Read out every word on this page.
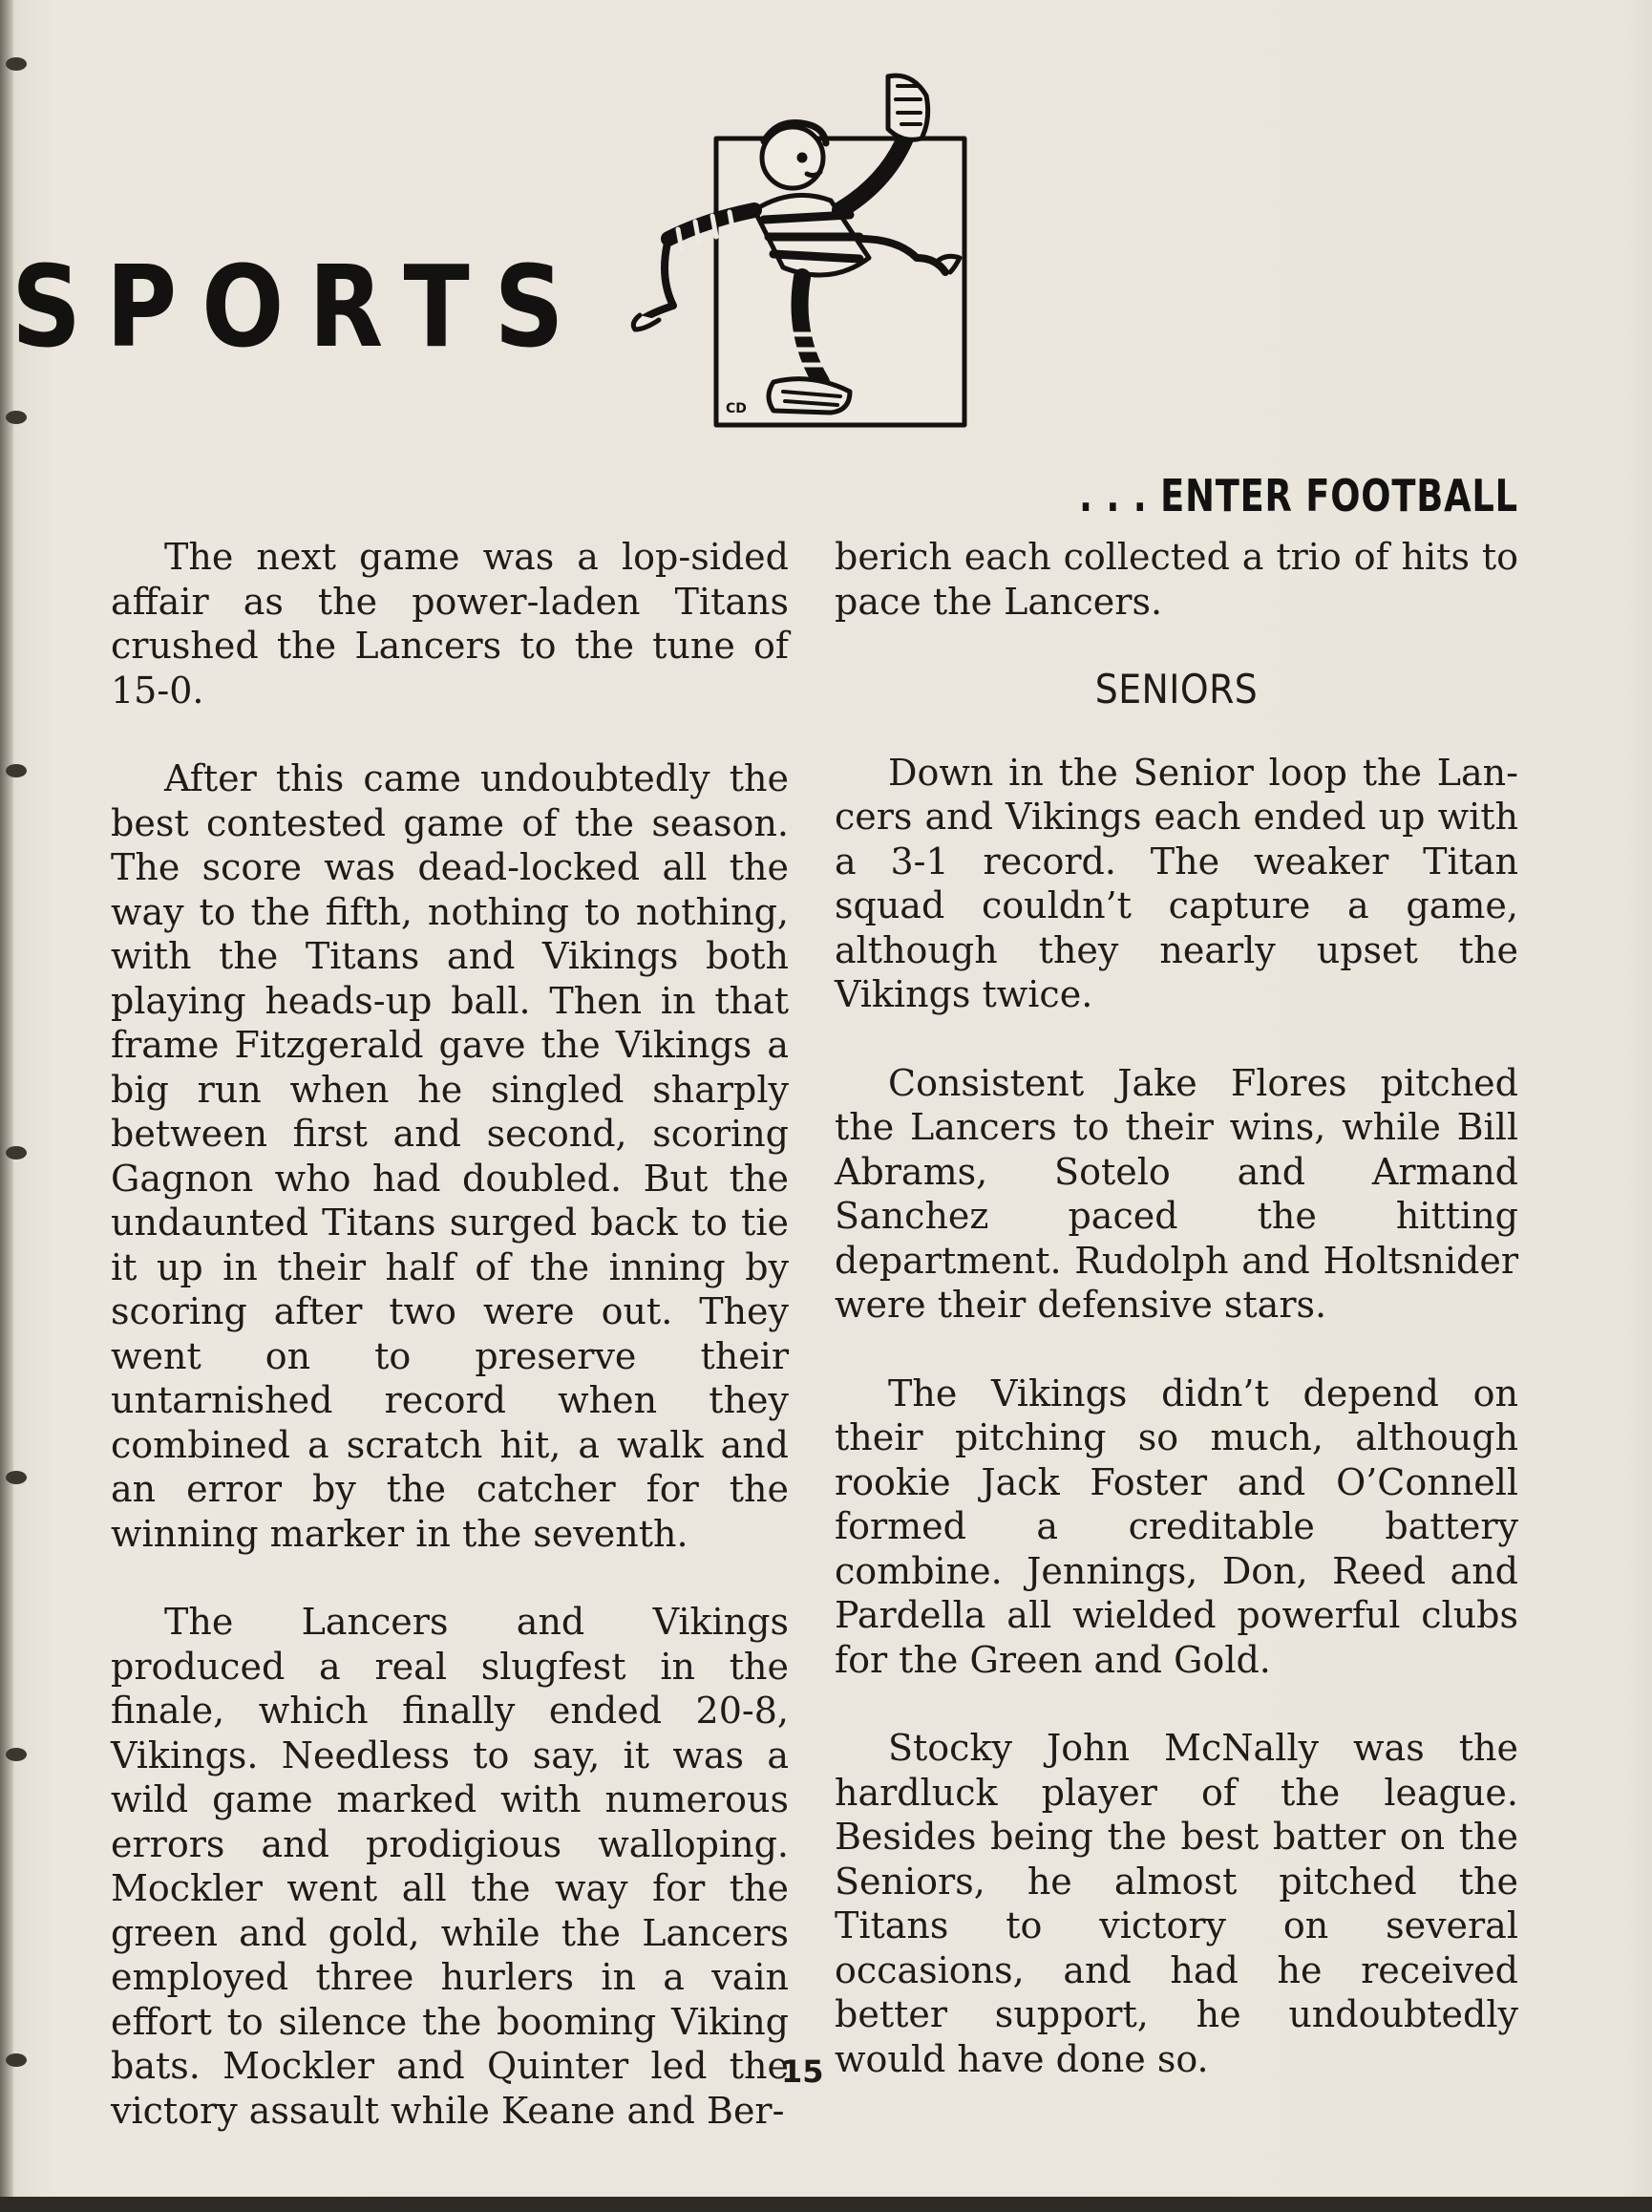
SPORTS
CD
. . . ENTER FOOTBALL

The next game was a lop-sided affair as the power-laden Titans crushed the Lancers to the tune of 15-0.

After this came undoubtedly the best contested game of the season. The score was dead-locked all the way to the fifth, nothing to nothing, with the Titans and Vikings both playing heads-up ball. Then in that frame Fitzgerald gave the Vikings a big run when he singled sharply between first and second, scoring Gagnon who had doubled. But the undaunted Titans surged back to tie it up in their half of the inning by scoring after two were out. They went on to preserve their untarnished record when they combined a scratch hit, a walk and an error by the catcher for the winning marker in the seventh.

The Lancers and Vikings produced a real slugfest in the finale, which finally ended 20-8, Vikings. Needless to say, it was a wild game marked with numerous errors and prodigious walloping. Mockler went all the way for the green and gold, while the Lancers employed three hurlers in a vain effort to silence the booming Viking bats. Mockler and Quinter led the victory assault while Keane and Ber-

berich each collected a trio of hits to pace the Lancers.

SENIORS

Down in the Senior loop the Lancers and Vikings each ended up with a 3-1 record. The weaker Titan squad couldn’t capture a game, although they nearly upset the Vikings twice.

Consistent Jake Flores pitched the Lancers to their wins, while Bill Abrams, Sotelo and Armand Sanchez paced the hitting department. Rudolph and Holtsnider were their defensive stars.

The Vikings didn’t depend on their pitching so much, although rookie Jack Foster and O’Connell formed a creditable battery combine. Jennings, Don, Reed and Pardella all wielded powerful clubs for the Green and Gold.

Stocky John McNally was the hardluck player of the league. Besides being the best batter on the Seniors, he almost pitched the Titans to victory on several occasions, and had he received better support, he undoubtedly would have done so.

15
